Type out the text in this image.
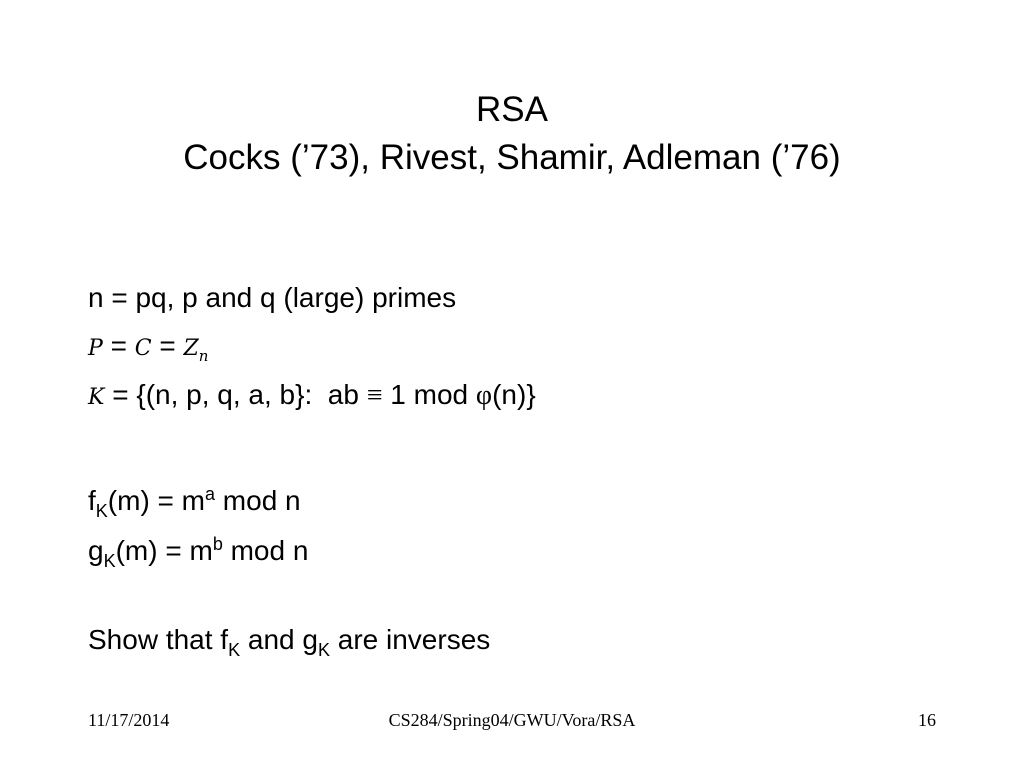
RSA
Cocks (’73), Rivest, Shamir, Adleman (’76)
n = pq, p and q (large) primes
$P = C = Z_n$
K = {(n, p, q, a, b}:  ab ≡ 1 mod φ(n)}
$f_K(m) = m^a$ mod n
$g_K(m) = m^b$ mod n
Show that $f_K$ and $g_K$ are inverses
11/17/2014	CS284/Spring04/GWU/Vora/RSA	16
